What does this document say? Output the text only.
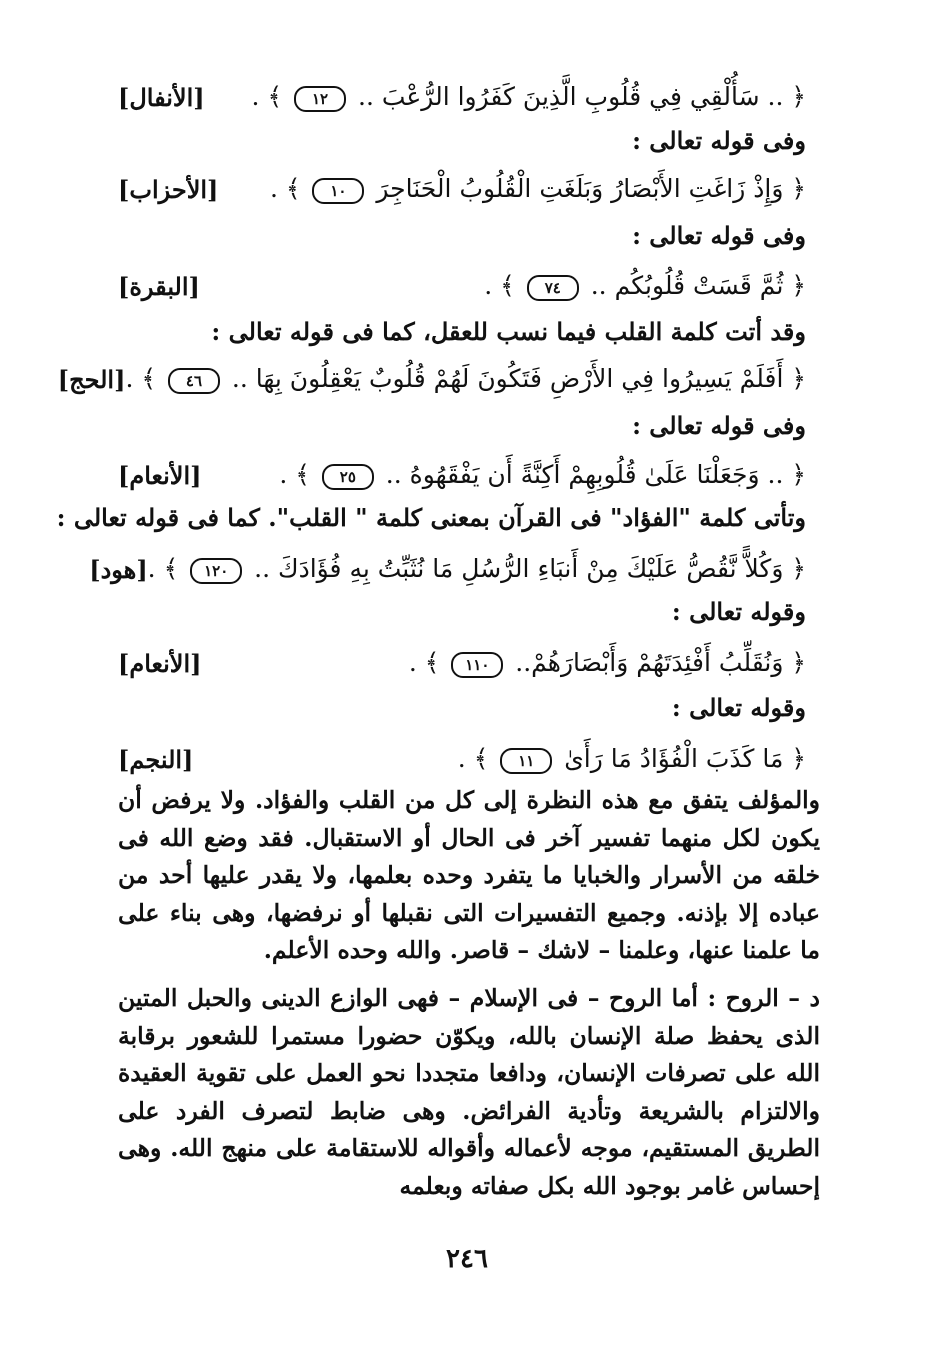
﴿ .. سَأُلْقِي فِي قُلُوبِ الَّذِينَ كَفَرُوا الرُّعْبَ .. ١٢ ﴾ .
[الأنفال]
وفى قوله تعالى :
﴿ وَإِذْ زَاغَتِ الأَبْصَارُ وَبَلَغَتِ الْقُلُوبُ الْحَنَاجِرَ ١٠ ﴾ .
[الأحزاب]
وفى قوله تعالى :
﴿ ثُمَّ قَسَتْ قُلُوبُكُم .. ٧٤ ﴾ .
[البقرة]
وقد أتت كلمة القلب فيما نسب للعقل، كما فى قوله تعالى :
﴿ أَفَلَمْ يَسِيرُوا فِي الأَرْضِ فَتَكُونَ لَهُمْ قُلُوبٌ يَعْقِلُونَ بِهَا .. ٤٦ ﴾ .
[الحج]
وفى قوله تعالى :
﴿ .. وَجَعَلْنَا عَلَىٰ قُلُوبِهِمْ أَكِنَّةً أَن يَفْقَهُوهُ .. ٢٥ ﴾ .
[الأنعام]
وتأتى كلمة "الفؤاد" فى القرآن بمعنى كلمة " القلب". كما فى قوله تعالى :
﴿ وَكُلاًّ نَّقُصُّ عَلَيْكَ مِنْ أَنبَاءِ الرُّسُلِ مَا نُثَبِّتُ بِهِ فُؤَادَكَ .. ١٢٠ ﴾ .
[هود]
وقوله تعالى :
﴿ وَنُقَلِّبُ أَفْئِدَتَهُمْ وَأَبْصَارَهُمْ.. ١١٠ ﴾ .
[الأنعام]
وقوله تعالى :
﴿ مَا كَذَبَ الْفُؤَادُ مَا رَأَىٰ ١١ ﴾ .
[النجم]
والمؤلف يتفق مع هذه النظرة إلى كل من القلب والفؤاد. ولا يرفض أن يكون لكل منهما تفسير آخر فى الحال أو الاستقبال. فقد وضع الله فى خلقه من الأسرار والخبايا ما يتفرد وحده بعلمها، ولا يقدر عليها أحد من عباده إلا بإذنه. وجميع التفسيرات التى نقبلها أو نرفضها، وهى بناء على ما علمنا عنها، وعلمنا – لاشك – قاصر. والله وحده الأعلم.
د – الروح : أما الروح – فى الإسلام – فهى الوازع الدينى والحبل المتين الذى يحفظ صلة الإنسان بالله، ويكوّن حضورا مستمرا للشعور برقابة الله على تصرفات الإنسان، ودافعا متجددا نحو العمل على تقوية العقيدة والالتزام بالشريعة وتأدية الفرائض. وهى ضابط لتصرف الفرد على الطريق المستقيم، موجه لأعماله وأقواله للاستقامة على منهج الله. وهى إحساس غامر بوجود الله بكل صفاته وبعلمه
٢٤٦
